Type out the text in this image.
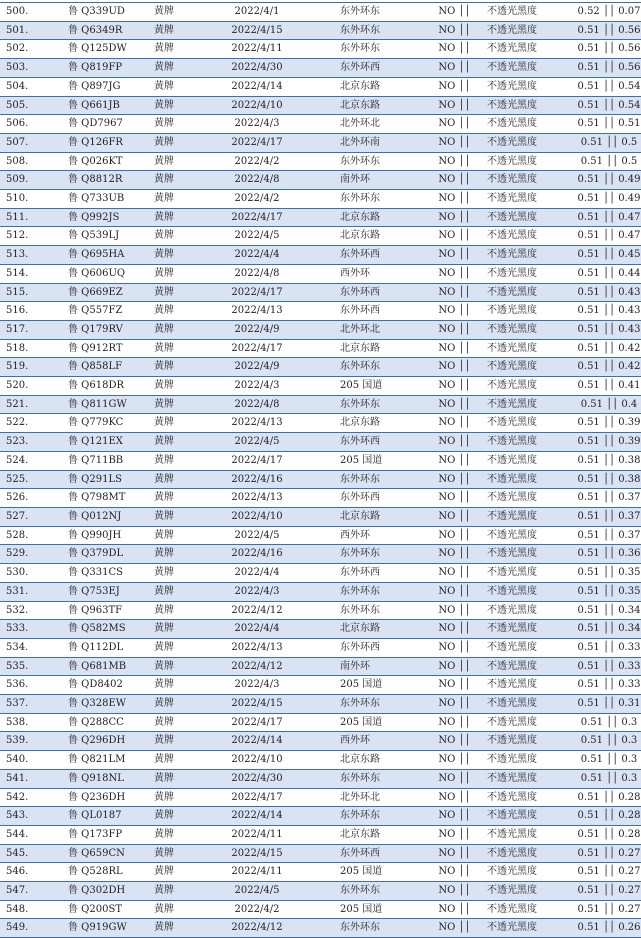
500.	鲁 Q339UD	黄牌	2022/4/1	东外环东	NO ││	不透光黑度	0.52 ││ 0.07
501.	鲁 Q6349R	黄牌	2022/4/15	东外环东	NO ││	不透光黑度	0.51 ││ 0.56
502.	鲁 Q125DW	黄牌	2022/4/11	东外环东	NO ││	不透光黑度	0.51 ││ 0.56
503.	鲁 Q819FP	黄牌	2022/4/30	东外环西	NO ││	不透光黑度	0.51 ││ 0.56
504.	鲁 Q897JG	黄牌	2022/4/14	北京东路	NO ││	不透光黑度	0.51 ││ 0.54
505.	鲁 Q661JB	黄牌	2022/4/10	北京东路	NO ││	不透光黑度	0.51 ││ 0.54
506.	鲁 QD7967	黄牌	2022/4/3	北外环北	NO ││	不透光黑度	0.51 ││ 0.51
507.	鲁 Q126FR	黄牌	2022/4/17	北外环南	NO ││	不透光黑度	0.51 ││ 0.5
508.	鲁 Q026KT	黄牌	2022/4/2	东外环东	NO ││	不透光黑度	0.51 ││ 0.5
509.	鲁 Q8812R	黄牌	2022/4/8	南外环	NO ││	不透光黑度	0.51 ││ 0.49
510.	鲁 Q733UB	黄牌	2022/4/2	东外环东	NO ││	不透光黑度	0.51 ││ 0.49
511.	鲁 Q992JS	黄牌	2022/4/17	北京东路	NO ││	不透光黑度	0.51 ││ 0.47
512.	鲁 Q539LJ	黄牌	2022/4/5	北京东路	NO ││	不透光黑度	0.51 ││ 0.47
513.	鲁 Q695HA	黄牌	2022/4/4	东外环西	NO ││	不透光黑度	0.51 ││ 0.45
514.	鲁 Q606UQ	黄牌	2022/4/8	西外环	NO ││	不透光黑度	0.51 ││ 0.44
515.	鲁 Q669EZ	黄牌	2022/4/17	东外环西	NO ││	不透光黑度	0.51 ││ 0.43
516.	鲁 Q557FZ	黄牌	2022/4/13	东外环西	NO ││	不透光黑度	0.51 ││ 0.43
517.	鲁 Q179RV	黄牌	2022/4/9	北外环北	NO ││	不透光黑度	0.51 ││ 0.43
518.	鲁 Q912RT	黄牌	2022/4/17	北京东路	NO ││	不透光黑度	0.51 ││ 0.42
519.	鲁 Q858LF	黄牌	2022/4/9	东外环东	NO ││	不透光黑度	0.51 ││ 0.42
520.	鲁 Q618DR	黄牌	2022/4/3	205 国道	NO ││	不透光黑度	0.51 ││ 0.41
521.	鲁 Q811GW	黄牌	2022/4/8	东外环东	NO ││	不透光黑度	0.51 ││ 0.4
522.	鲁 Q779KC	黄牌	2022/4/13	北京东路	NO ││	不透光黑度	0.51 ││ 0.39
523.	鲁 Q121EX	黄牌	2022/4/5	东外环西	NO ││	不透光黑度	0.51 ││ 0.39
524.	鲁 Q711BB	黄牌	2022/4/17	205 国道	NO ││	不透光黑度	0.51 ││ 0.38
525.	鲁 Q291LS	黄牌	2022/4/16	东外环东	NO ││	不透光黑度	0.51 ││ 0.38
526.	鲁 Q798MT	黄牌	2022/4/13	东外环西	NO ││	不透光黑度	0.51 ││ 0.37
527.	鲁 Q012NJ	黄牌	2022/4/10	北京东路	NO ││	不透光黑度	0.51 ││ 0.37
528.	鲁 Q990JH	黄牌	2022/4/5	西外环	NO ││	不透光黑度	0.51 ││ 0.37
529.	鲁 Q379DL	黄牌	2022/4/16	东外环东	NO ││	不透光黑度	0.51 ││ 0.36
530.	鲁 Q331CS	黄牌	2022/4/4	东外环西	NO ││	不透光黑度	0.51 ││ 0.35
531.	鲁 Q753EJ	黄牌	2022/4/3	东外环东	NO ││	不透光黑度	0.51 ││ 0.35
532.	鲁 Q963TF	黄牌	2022/4/12	东外环东	NO ││	不透光黑度	0.51 ││ 0.34
533.	鲁 Q582MS	黄牌	2022/4/4	北京东路	NO ││	不透光黑度	0.51 ││ 0.34
534.	鲁 Q112DL	黄牌	2022/4/13	东外环西	NO ││	不透光黑度	0.51 ││ 0.33
535.	鲁 Q681MB	黄牌	2022/4/12	南外环	NO ││	不透光黑度	0.51 ││ 0.33
536.	鲁 QD8402	黄牌	2022/4/3	205 国道	NO ││	不透光黑度	0.51 ││ 0.33
537.	鲁 Q328EW	黄牌	2022/4/15	东外环东	NO ││	不透光黑度	0.51 ││ 0.31
538.	鲁 Q288CC	黄牌	2022/4/17	205 国道	NO ││	不透光黑度	0.51 ││ 0.3
539.	鲁 Q296DH	黄牌	2022/4/14	西外环	NO ││	不透光黑度	0.51 ││ 0.3
540.	鲁 Q821LM	黄牌	2022/4/10	北京东路	NO ││	不透光黑度	0.51 ││ 0.3
541.	鲁 Q918NL	黄牌	2022/4/30	东外环东	NO ││	不透光黑度	0.51 ││ 0.3
542.	鲁 Q236DH	黄牌	2022/4/17	北外环北	NO ││	不透光黑度	0.51 ││ 0.28
543.	鲁 QL0187	黄牌	2022/4/14	东外环东	NO ││	不透光黑度	0.51 ││ 0.28
544.	鲁 Q173FP	黄牌	2022/4/11	北京东路	NO ││	不透光黑度	0.51 ││ 0.28
545.	鲁 Q659CN	黄牌	2022/4/15	东外环西	NO ││	不透光黑度	0.51 ││ 0.27
546.	鲁 Q528RL	黄牌	2022/4/11	205 国道	NO ││	不透光黑度	0.51 ││ 0.27
547.	鲁 Q302DH	黄牌	2022/4/5	东外环东	NO ││	不透光黑度	0.51 ││ 0.27
548.	鲁 Q200ST	黄牌	2022/4/2	205 国道	NO ││	不透光黑度	0.51 ││ 0.27
549.	鲁 Q919GW	黄牌	2022/4/12	东外环东	NO ││	不透光黑度	0.51 ││ 0.26
